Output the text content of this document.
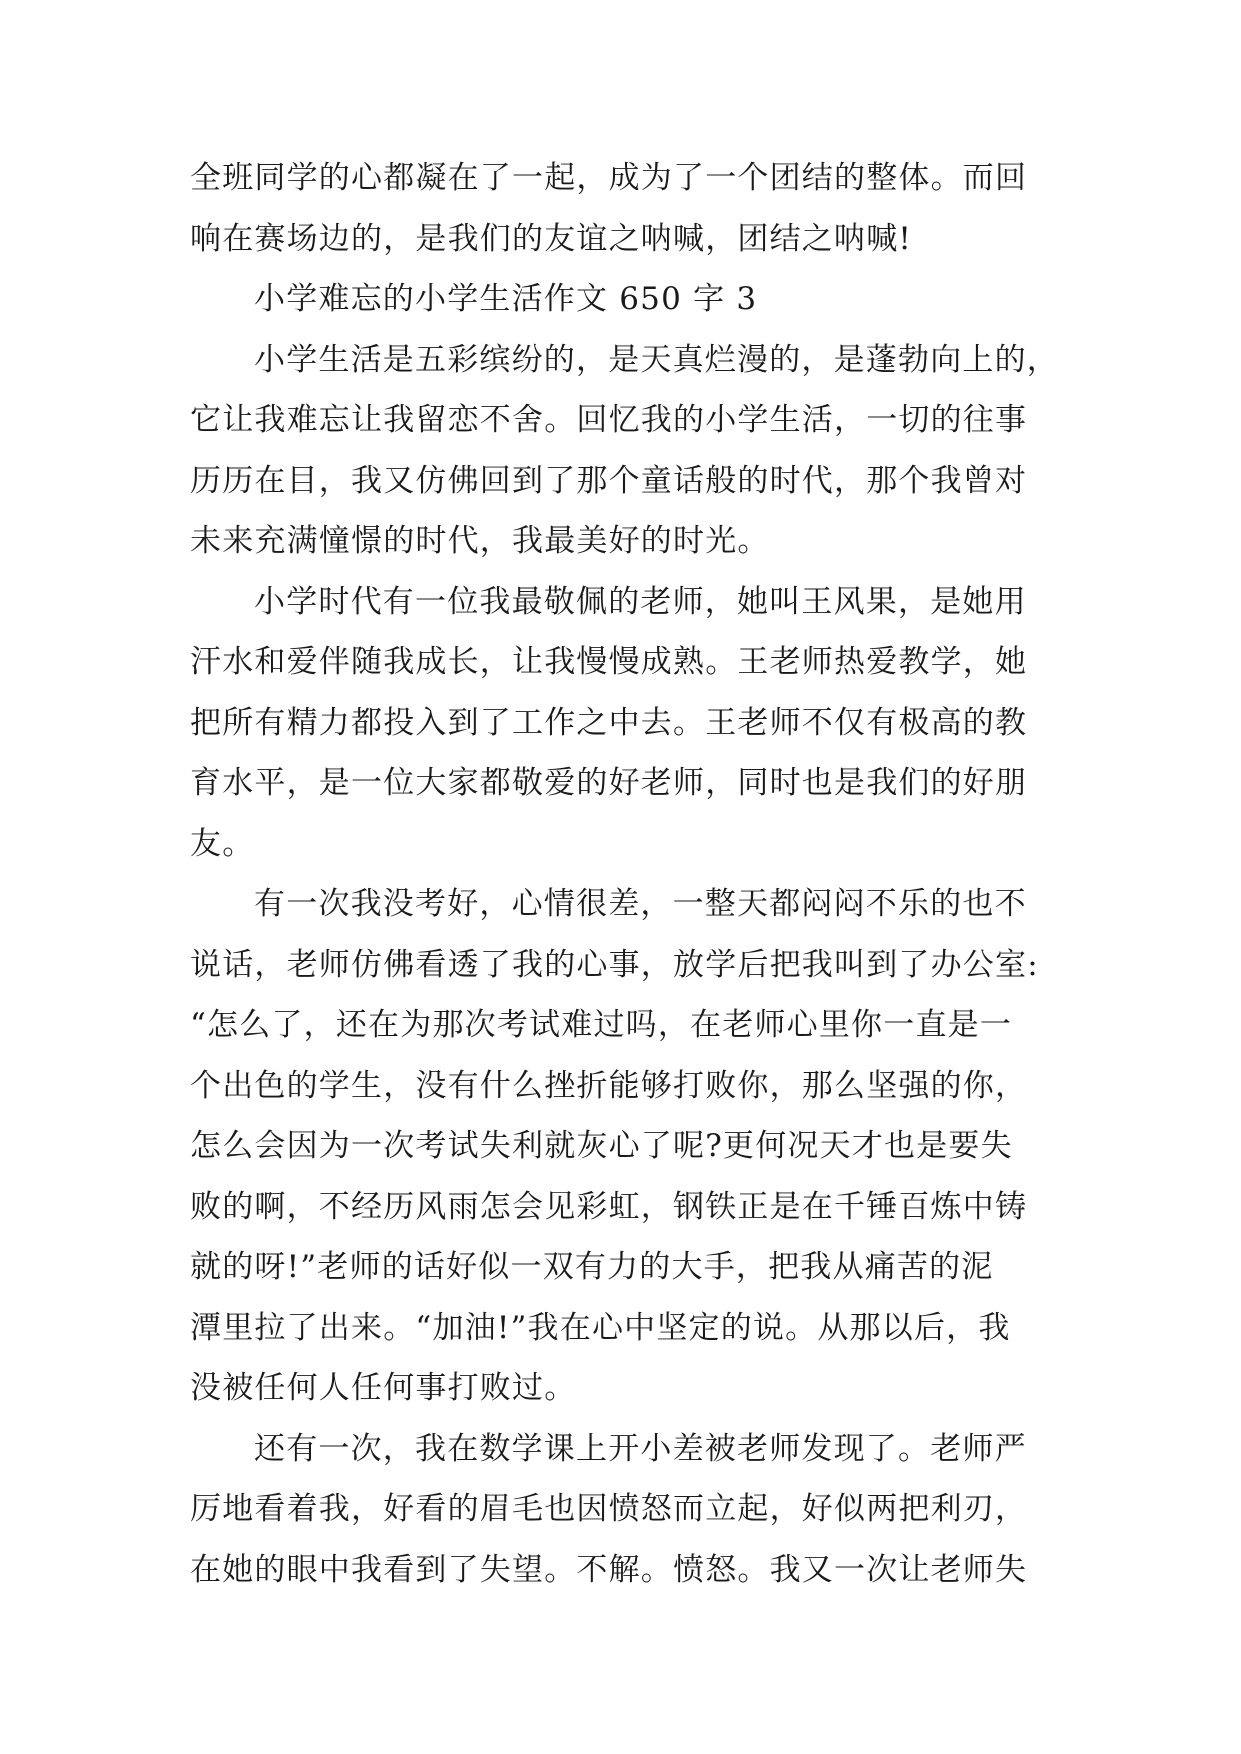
全班同学的心都凝在了一起，成为了一个团结的整体。而回
响在赛场边的，是我们的友谊之呐喊，团结之呐喊!
小学难忘的小学生活作文 650 字 3
小学生活是五彩缤纷的，是天真烂漫的，是蓬勃向上的，
它让我难忘让我留恋不舍。回忆我的小学生活，一切的往事
历历在目，我又仿佛回到了那个童话般的时代，那个我曾对
未来充满憧憬的时代，我最美好的时光。
小学时代有一位我最敬佩的老师，她叫王风果，是她用
汗水和爱伴随我成长，让我慢慢成熟。王老师热爱教学，她
把所有精力都投入到了工作之中去。王老师不仅有极高的教
育水平，是一位大家都敬爱的好老师，同时也是我们的好朋
友。
有一次我没考好，心情很差，一整天都闷闷不乐的也不
说话，老师仿佛看透了我的心事，放学后把我叫到了办公室:
“怎么了，还在为那次考试难过吗，在老师心里你一直是一
个出色的学生，没有什么挫折能够打败你，那么坚强的你，
怎么会因为一次考试失利就灰心了呢?更何况天才也是要失
败的啊，不经历风雨怎会见彩虹，钢铁正是在千锤百炼中铸
就的呀!”老师的话好似一双有力的大手，把我从痛苦的泥
潭里拉了出来。“加油!”我在心中坚定的说。从那以后，我
没被任何人任何事打败过。
还有一次，我在数学课上开小差被老师发现了。老师严
厉地看着我，好看的眉毛也因愤怒而立起，好似两把利刃，
在她的眼中我看到了失望。不解。愤怒。我又一次让老师失
